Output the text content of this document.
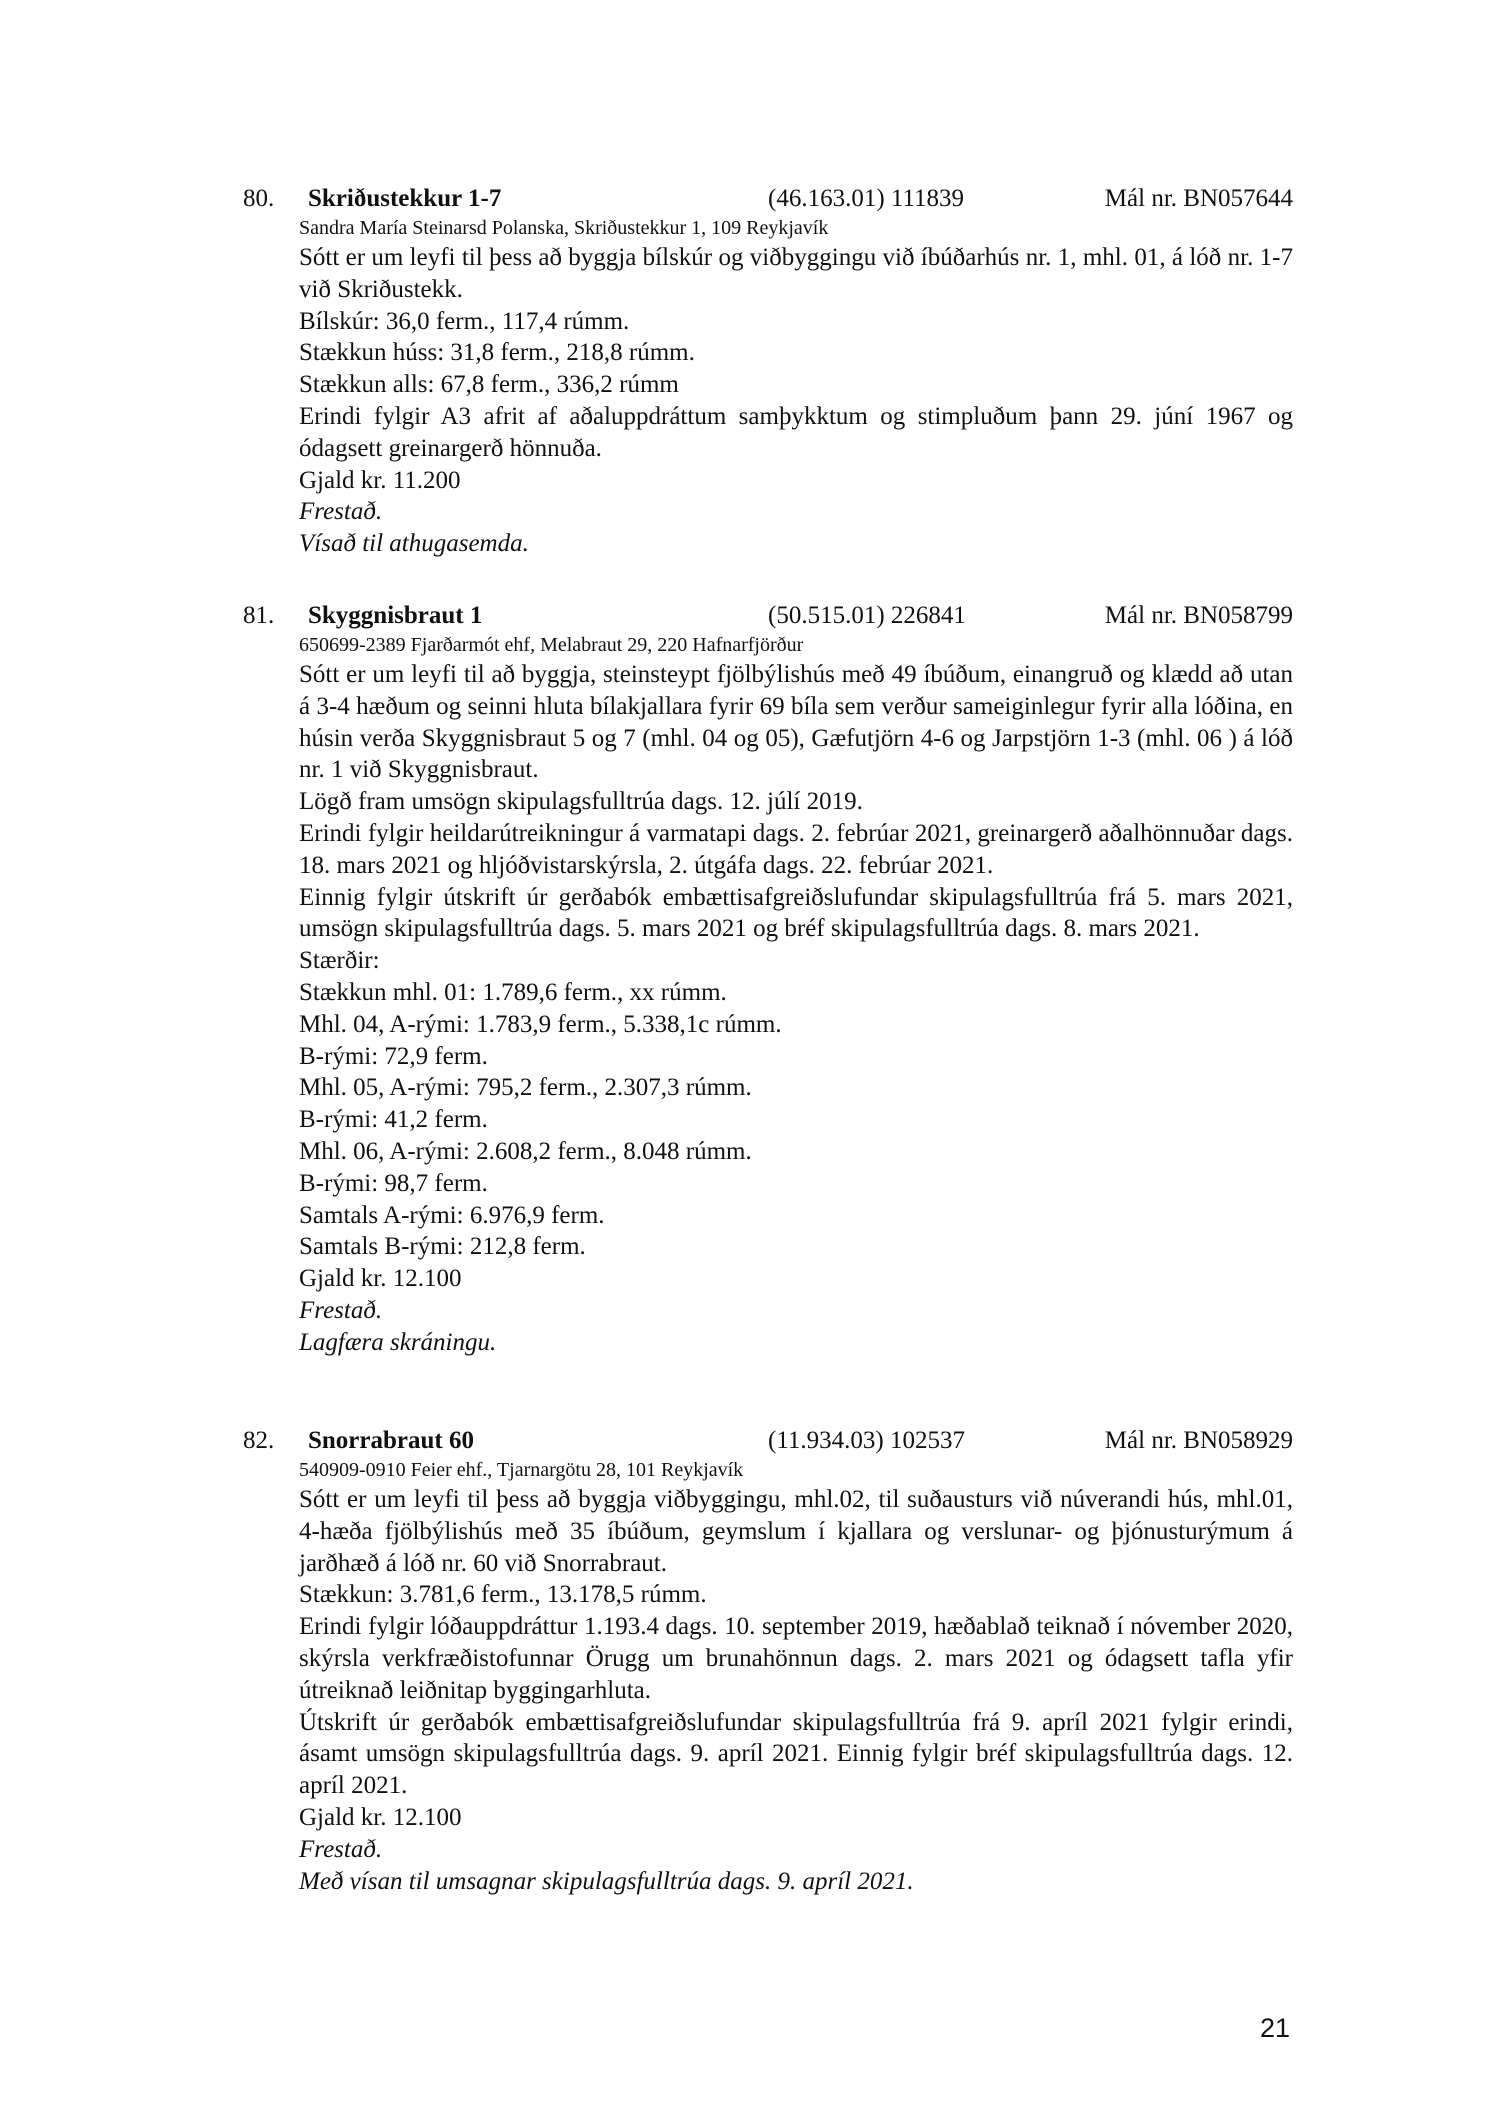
80. Skriðustekkur 1-7	(46.163.01) 111839	Mál nr. BN057644
Sandra María Steinarsd Polanska, Skriðustekkur 1, 109 Reykjavík

Sótt er um leyfi til þess að byggja bílskúr og viðbyggingu við íbúðarhús nr. 1, mhl. 01, á lóð nr. 1-7 við Skriðustekk.

Bílskúr: 36,0 ferm., 117,4 rúmm.

Stækkun húss: 31,8 ferm., 218,8 rúmm.

Stækkun alls: 67,8 ferm., 336,2 rúmm

Erindi fylgir A3 afrit af aðaluppdráttum samþykktum og stimpluðum þann 29. júní 1967 og ódagsett greinargerð hönnuða.

Gjald kr. 11.200

Frestað.

Vísað til athugasemda.

81. Skyggnisbraut 1	(50.515.01) 226841	Mál nr. BN058799
650699-2389 Fjarðarmót ehf, Melabraut 29, 220 Hafnarfjörður

Sótt er um leyfi til að byggja, steinsteypt fjölbýlishús með 49 íbúðum, einangruð og klædd að utan á 3-4 hæðum og seinni hluta bílakjallara fyrir 69 bíla sem verður sameiginlegur fyrir alla lóðina, en húsin verða Skyggnisbraut 5 og 7 (mhl. 04 og 05), Gæfutjörn 4-6 og Jarpstjörn 1-3 (mhl. 06 ) á lóð nr. 1 við Skyggnisbraut.

Lögð fram umsögn skipulagsfulltrúa dags. 12. júlí 2019.

Erindi fylgir heildarútreikningur á varmatapi dags. 2. febrúar 2021, greinargerð aðalhönnuðar dags. 18. mars 2021 og hljóðvistarskýrsla, 2. útgáfa dags. 22. febrúar 2021.

Einnig fylgir útskrift úr gerðabók embættisafgreiðslufundar skipulagsfulltrúa frá 5. mars 2021, umsögn skipulagsfulltrúa dags. 5. mars 2021 og bréf skipulagsfulltrúa dags. 8. mars 2021.

Stærðir:

Stækkun mhl. 01: 1.789,6 ferm., xx rúmm.

Mhl. 04, A-rými: 1.783,9 ferm., 5.338,1c rúmm.

B-rými: 72,9 ferm.

Mhl. 05, A-rými: 795,2 ferm., 2.307,3 rúmm.

B-rými: 41,2 ferm.

Mhl. 06, A-rými: 2.608,2 ferm., 8.048 rúmm.

B-rými: 98,7 ferm.

Samtals A-rými: 6.976,9 ferm.

Samtals B-rými: 212,8 ferm.

Gjald kr. 12.100

Frestað.

Lagfæra skráningu.

82. Snorrabraut 60	(11.934.03) 102537	Mál nr. BN058929
540909-0910 Feier ehf., Tjarnargötu 28, 101 Reykjavík

Sótt er um leyfi til þess að byggja viðbyggingu, mhl.02, til suðausturs við núverandi hús, mhl.01, 4-hæða fjölbýlishús með 35 íbúðum, geymslum í kjallara og verslunar- og þjónusturýmum á jarðhæð á lóð nr. 60 við Snorrabraut.

Stækkun: 3.781,6 ferm., 13.178,5 rúmm.

Erindi fylgir lóðauppdráttur 1.193.4 dags. 10. september 2019, hæðablað teiknað í nóvember 2020, skýrsla verkfræðistofunnar Örugg um brunahönnun dags. 2. mars 2021 og ódagsett tafla yfir útreiknað leiðnitap byggingarhluta.

Útskrift úr gerðabók embættisafgreiðslufundar skipulagsfulltrúa frá 9. apríl 2021 fylgir erindi, ásamt umsögn skipulagsfulltrúa dags. 9. apríl 2021. Einnig fylgir bréf skipulagsfulltrúa dags. 12. apríl 2021.

Gjald kr. 12.100

Frestað.

Með vísan til umsagnar skipulagsfulltrúa dags. 9. apríl 2021.

21
